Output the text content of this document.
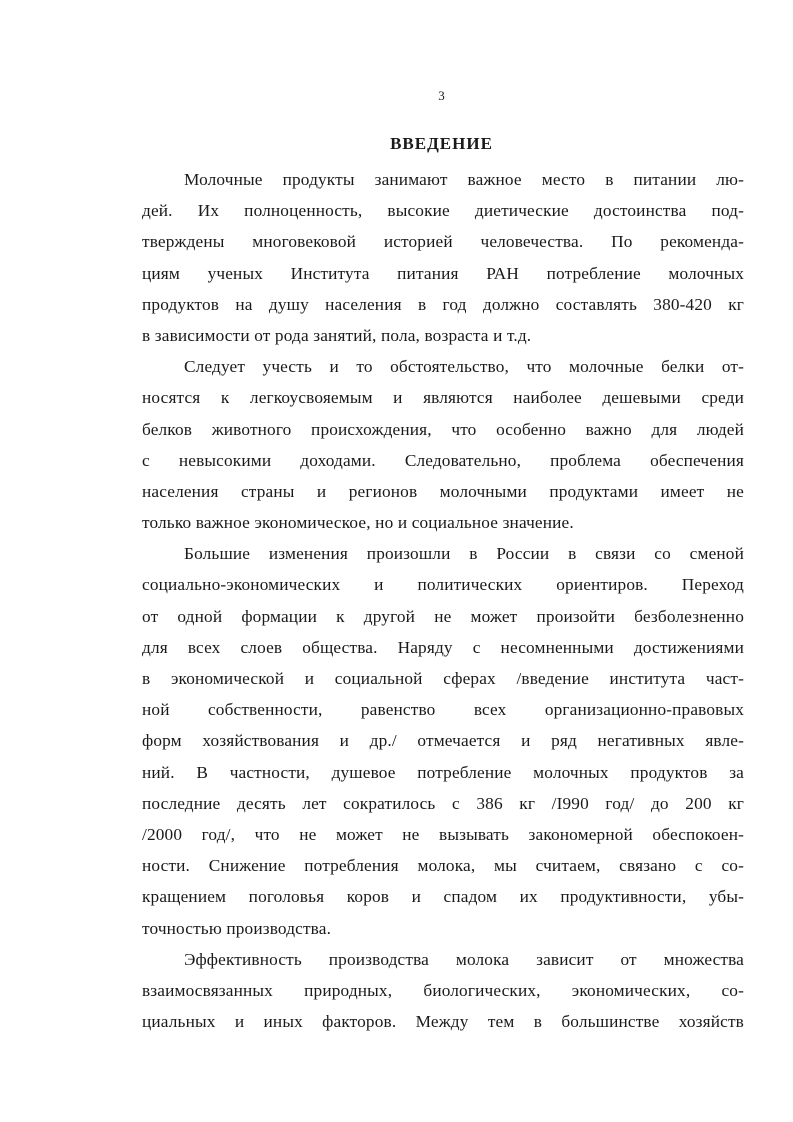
3
ВВЕДЕНИЕ
Молочные продукты занимают важное место в питании лю-
дей. Их полноценность, высокие диетические достоинства под-
тверждены многовековой историей человечества. По рекоменда-
циям ученых Института питания РАН потребление молочных
продуктов на душу населения в год должно составлять 380-420 кг
в зависимости от рода занятий, пола, возраста и т.д.
Следует учесть и то обстоятельство, что молочные белки от-
носятся к легкоусвояемым и являются наиболее дешевыми среди
белков животного происхождения, что особенно важно для людей
с невысокими доходами. Следовательно, проблема обеспечения
населения страны и регионов молочными продуктами имеет не
только важное экономическое, но и социальное значение.
Большие изменения произошли в России в связи со сменой
социально-экономических и политических ориентиров. Переход
от одной формации к другой не может произойти безболезненно
для всех слоев общества. Наряду с несомненными достижениями
в экономической и социальной сферах /введение института част-
ной собственности, равенство всех организационно-правовых
форм хозяйствования и др./ отмечается и ряд негативных явле-
ний. В частности, душевое потребление молочных продуктов за
последние десять лет сократилось с 386 кг /I990 год/ до 200 кг
/2000 год/, что не может не вызывать закономерной обеспокоен-
ности. Снижение потребления молока, мы считаем, связано с со-
кращением поголовья коров и спадом их продуктивности, убы-
точностью производства.
Эффективность производства молока зависит от множества
взаимосвязанных природных, биологических, экономических, со-
циальных и иных факторов. Между тем в большинстве хозяйств
